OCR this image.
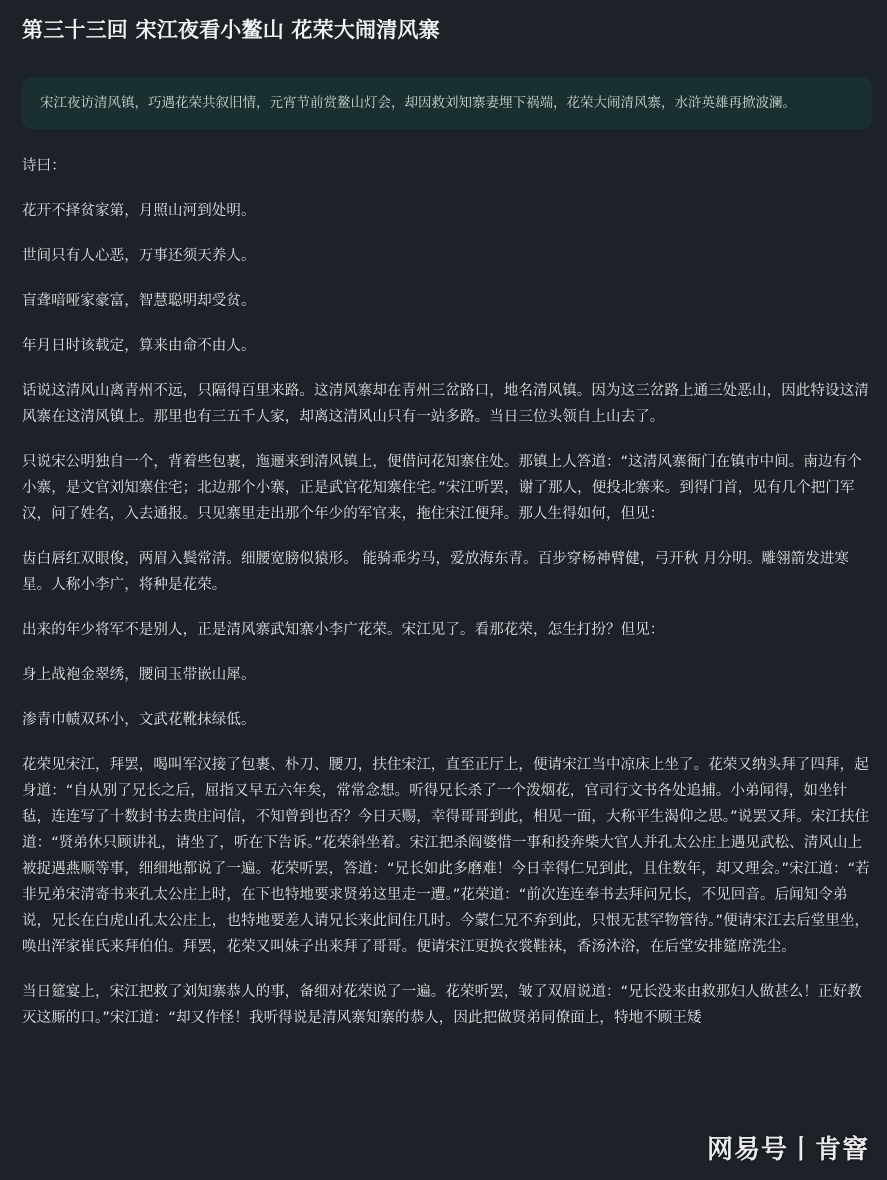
第三十三回 宋江夜看小鳌山 花荣大闹清风寨
宋江夜访清风镇，巧遇花荣共叙旧情，元宵节前赏鳌山灯会，却因救刘知寨妻埋下祸端，花荣大闹清风寨，水浒英雄再掀波澜。

诗曰：

花开不择贫家第，月照山河到处明。

世间只有人心恶，万事还须天养人。

盲聋喑哑家豪富，智慧聪明却受贫。

年月日时该载定，算来由命不由人。

话说这清风山离青州不远，只隔得百里来路。这清风寨却在青州三岔路口，地名清风镇。因为这三岔路上通三处恶山，因此特设这清风寨在这清风镇上。那里也有三五千人家，却离这清风山只有一站多路。当日三位头领自上山去了。

只说宋公明独自一个，背着些包裹，迤逦来到清风镇上，便借问花知寨住处。那镇上人答道：“这清风寨衙门在镇市中间。南边有个小寨，是文官刘知寨住宅；北边那个小寨，正是武官花知寨住宅。”宋江听罢，谢了那人，便投北寨来。到得门首，见有几个把门军汉，问了姓名，入去通报。只见寨里走出那个年少的军官来，拖住宋江便拜。那人生得如何，但见：

齿白唇红双眼俊，两眉入鬓常清。细腰宽膀似猿形。 能骑乖劣马，爱放海东青。百步穿杨神臂健，弓开秋 月分明。雕翎箭发进寒星。人称小李广，将种是花荣。

出来的年少将军不是别人，正是清风寨武知寨小李广花荣。宋江见了。看那花荣，怎生打扮？但见：

身上战袍金翠绣，腰间玉带嵌山犀。

渗青巾帻双环小，文武花靴抹绿低。

花荣见宋江，拜罢，喝叫军汉接了包裹、朴刀、腰刀，扶住宋江，直至正厅上，便请宋江当中凉床上坐了。花荣又纳头拜了四拜，起身道：“自从别了兄长之后，屈指又早五六年矣，常常念想。听得兄长杀了一个泼烟花，官司行文书各处追捕。小弟闻得，如坐针毡，连连写了十数封书去贵庄问信，不知曾到也否？今日天赐，幸得哥哥到此，相见一面，大称平生渴仰之思。”说罢又拜。宋江扶住道：“贤弟休只顾讲礼，请坐了，听在下告诉。”花荣斜坐着。宋江把杀阎婆惜一事和投奔柴大官人并孔太公庄上遇见武松、清风山上被捉遇燕顺等事，细细地都说了一遍。花荣听罢，答道：“兄长如此多磨难！今日幸得仁兄到此，且住数年，却又理会。”宋江道：“若非兄弟宋清寄书来孔太公庄上时，在下也特地要求贤弟这里走一遭。”花荣道：“前次连连奉书去拜问兄长，不见回音。后闻知令弟说，兄长在白虎山孔太公庄上，也特地要差人请兄长来此间住几时。今蒙仁兄不弃到此，只恨无甚罕物管待。”便请宋江去后堂里坐，唤出浑家崔氏来拜伯伯。拜罢，花荣又叫妹子出来拜了哥哥。便请宋江更换衣裳鞋袜，香汤沐浴，在后堂安排筵席洗尘。

当日筵宴上，宋江把救了刘知寨恭人的事，备细对花荣说了一遍。花荣听罢，皱了双眉说道：“兄长没来由救那妇人做甚么！正好教灭这厮的口。”宋江道：“却又作怪！我听得说是清风寨知寨的恭人，因此把做贤弟同僚面上，特地不顾王矮

网易号丨肯窨
